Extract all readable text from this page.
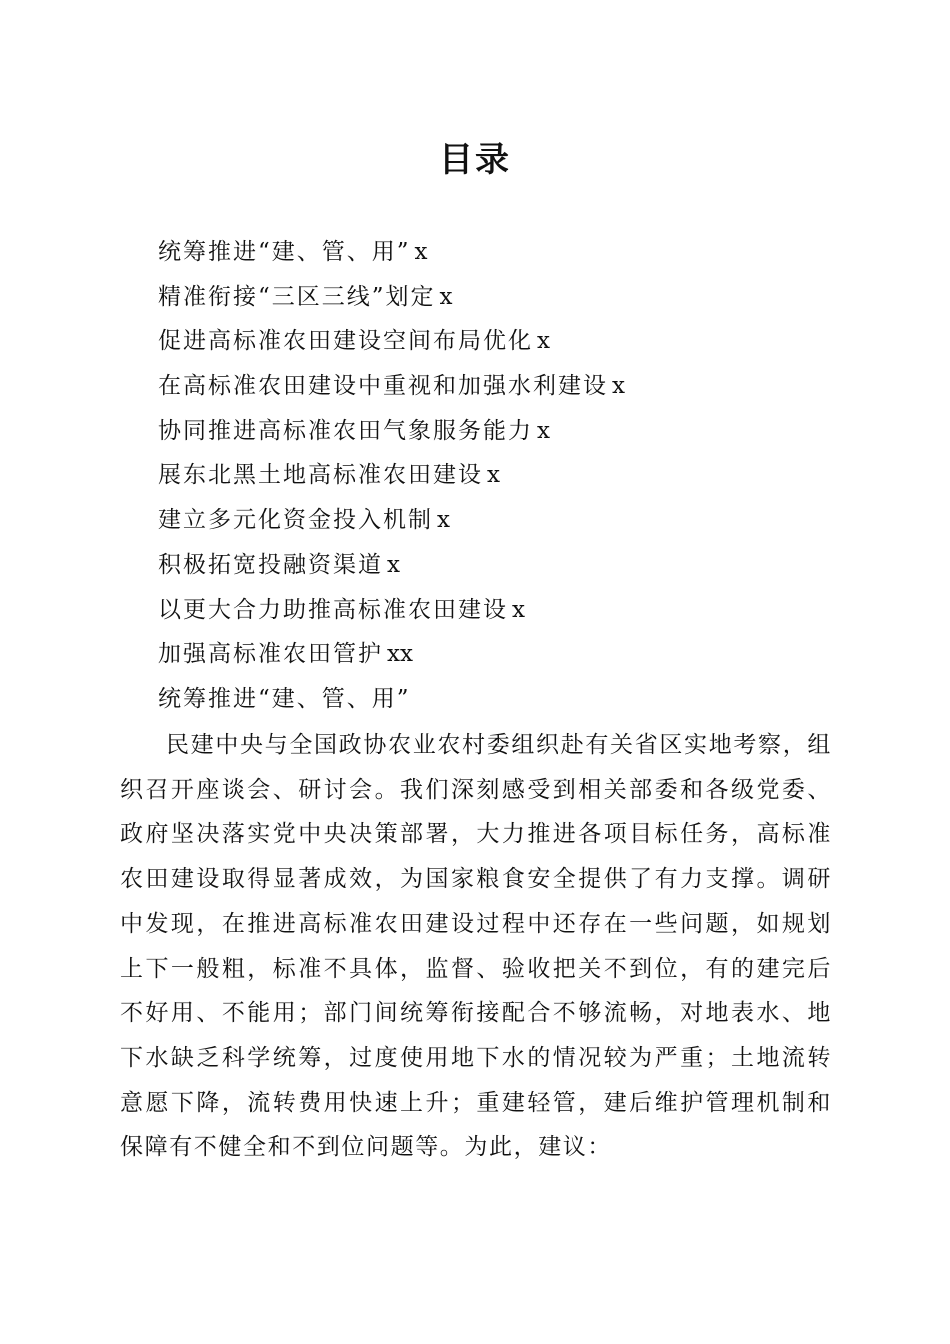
目录
统筹推进“建、管、用” x
精准衔接“三区三线”划定 x
促进高标准农田建设空间布局优化 x
在高标准农田建设中重视和加强水利建设 x
协同推进高标准农田气象服务能力 x
展东北黑土地高标准农田建设 x
建立多元化资金投入机制 x
积极拓宽投融资渠道 x
以更大合力助推高标准农田建设 x
加强高标准农田管护 xx
统筹推进“建、管、用”

民建中央与全国政协农业农村委组织赴有关省区实地考察，组织召开座谈会、研讨会。我们深刻感受到相关部委和各级党委、政府坚决落实党中央决策部署，大力推进各项目标任务，高标准农田建设取得显著成效，为国家粮食安全提供了有力支撑。调研中发现，在推进高标准农田建设过程中还存在一些问题，如规划上下一般粗，标准不具体，监督、验收把关不到位，有的建完后不好用、不能用；部门间统筹衔接配合不够流畅，对地表水、地下水缺乏科学统筹，过度使用地下水的情况较为严重；土地流转意愿下降，流转费用快速上升；重建轻管，建后维护管理机制和保障有不健全和不到位问题等。为此，建议：
